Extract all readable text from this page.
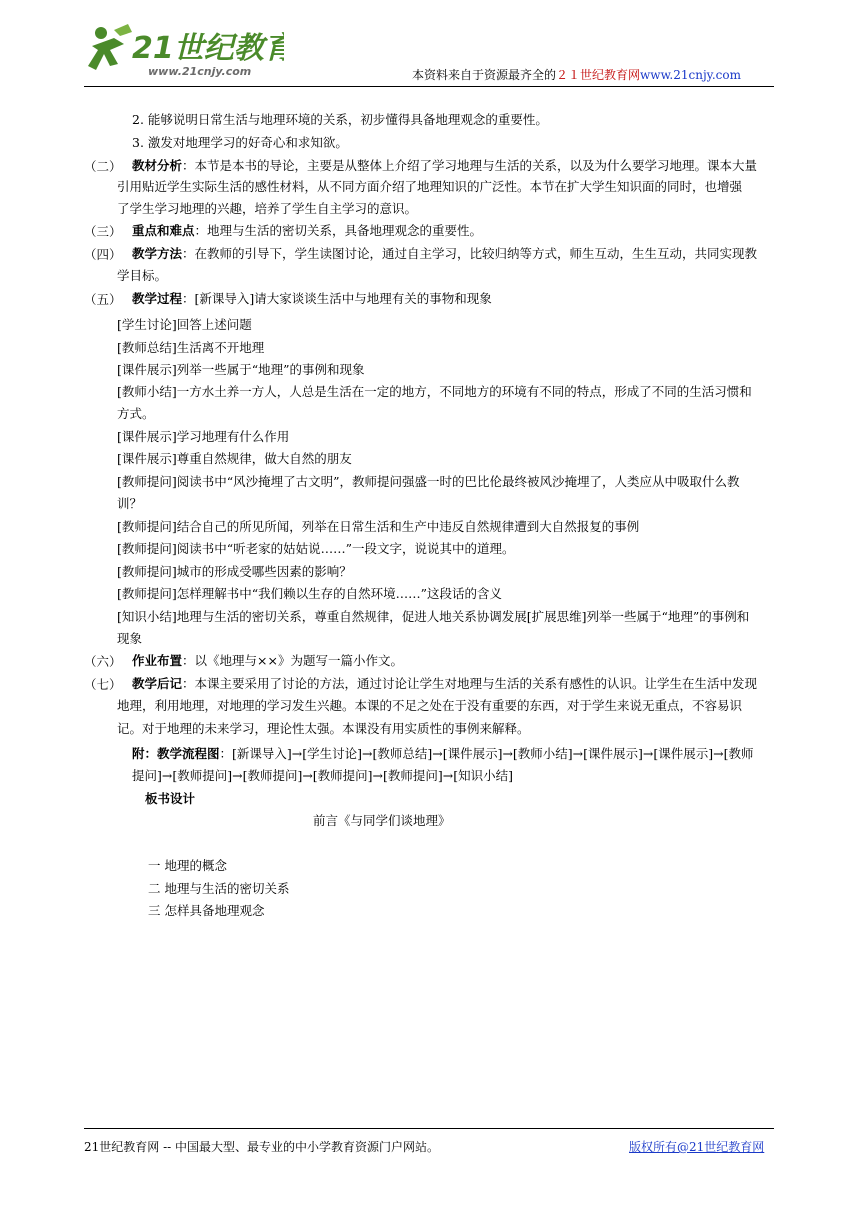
21世纪教育
www.21cnjy.com	本资料来自于资源最齐全的２１世纪教育网www.21cnjy.com
2. 能够说明日常生活与地理环境的关系，初步懂得具备地理观念的重要性。
3. 激发对地理学习的好奇心和求知欲。
（二） 教材分析：本节是本书的导论，主要是从整体上介绍了学习地理与生活的关系，以及为什么要学习地理。课本大量
引用贴近学生实际生活的感性材料，从不同方面介绍了地理知识的广泛性。本节在扩大学生知识面的同时，也增强
了学生学习地理的兴趣，培养了学生自主学习的意识。
（三） 重点和难点：地理与生活的密切关系，具备地理观念的重要性。
（四） 教学方法：在教师的引导下，学生读图讨论，通过自主学习，比较归纳等方式，师生互动，生生互动，共同实现教
学目标。
（五） 教学过程：[新课导入]请大家谈谈生活中与地理有关的事物和现象
[学生讨论]回答上述问题
[教师总结]生活离不开地理
[课件展示]列举一些属于“地理”的事例和现象
[教师小结]一方水土养一方人，人总是生活在一定的地方，不同地方的环境有不同的特点，形成了不同的生活习惯和
方式。
[课件展示]学习地理有什么作用
[课件展示]尊重自然规律，做大自然的朋友
[教师提问]阅读书中“风沙掩埋了古文明”，教师提问强盛一时的巴比伦最终被风沙掩埋了，人类应从中吸取什么教
训？
[教师提问]结合自己的所见所闻，列举在日常生活和生产中违反自然规律遭到大自然报复的事例
[教师提问]阅读书中“听老家的姑姑说……”一段文字，说说其中的道理。
[教师提问]城市的形成受哪些因素的影响？
[教师提问]怎样理解书中“我们赖以生存的自然环境……”这段话的含义
[知识小结]地理与生活的密切关系，尊重自然规律，促进人地关系协调发展[扩展思维]列举一些属于“地理”的事例和
现象
（六） 作业布置：以《地理与××》为题写一篇小作文。
（七） 教学后记：本课主要采用了讨论的方法，通过讨论让学生对地理与生活的关系有感性的认识。让学生在生活中发现
地理，利用地理，对地理的学习发生兴趣。本课的不足之处在于没有重要的东西，对于学生来说无重点，不容易识
记。对于地理的未来学习，理论性太强。本课没有用实质性的事例来解释。
附：教学流程图：[新课导入]→[学生讨论]→[教师总结]→[课件展示]→[教师小结]→[课件展示]→[课件展示]→[教师
提问]→[教师提问]→[教师提问]→[教师提问]→[教师提问]→[知识小结]
板书设计
前言《与同学们谈地理》
一 地理的概念
二 地理与生活的密切关系
三 怎样具备地理观念
21世纪教育网 -- 中国最大型、最专业的中小学教育资源门户网站。	版权所有@21世纪教育网
